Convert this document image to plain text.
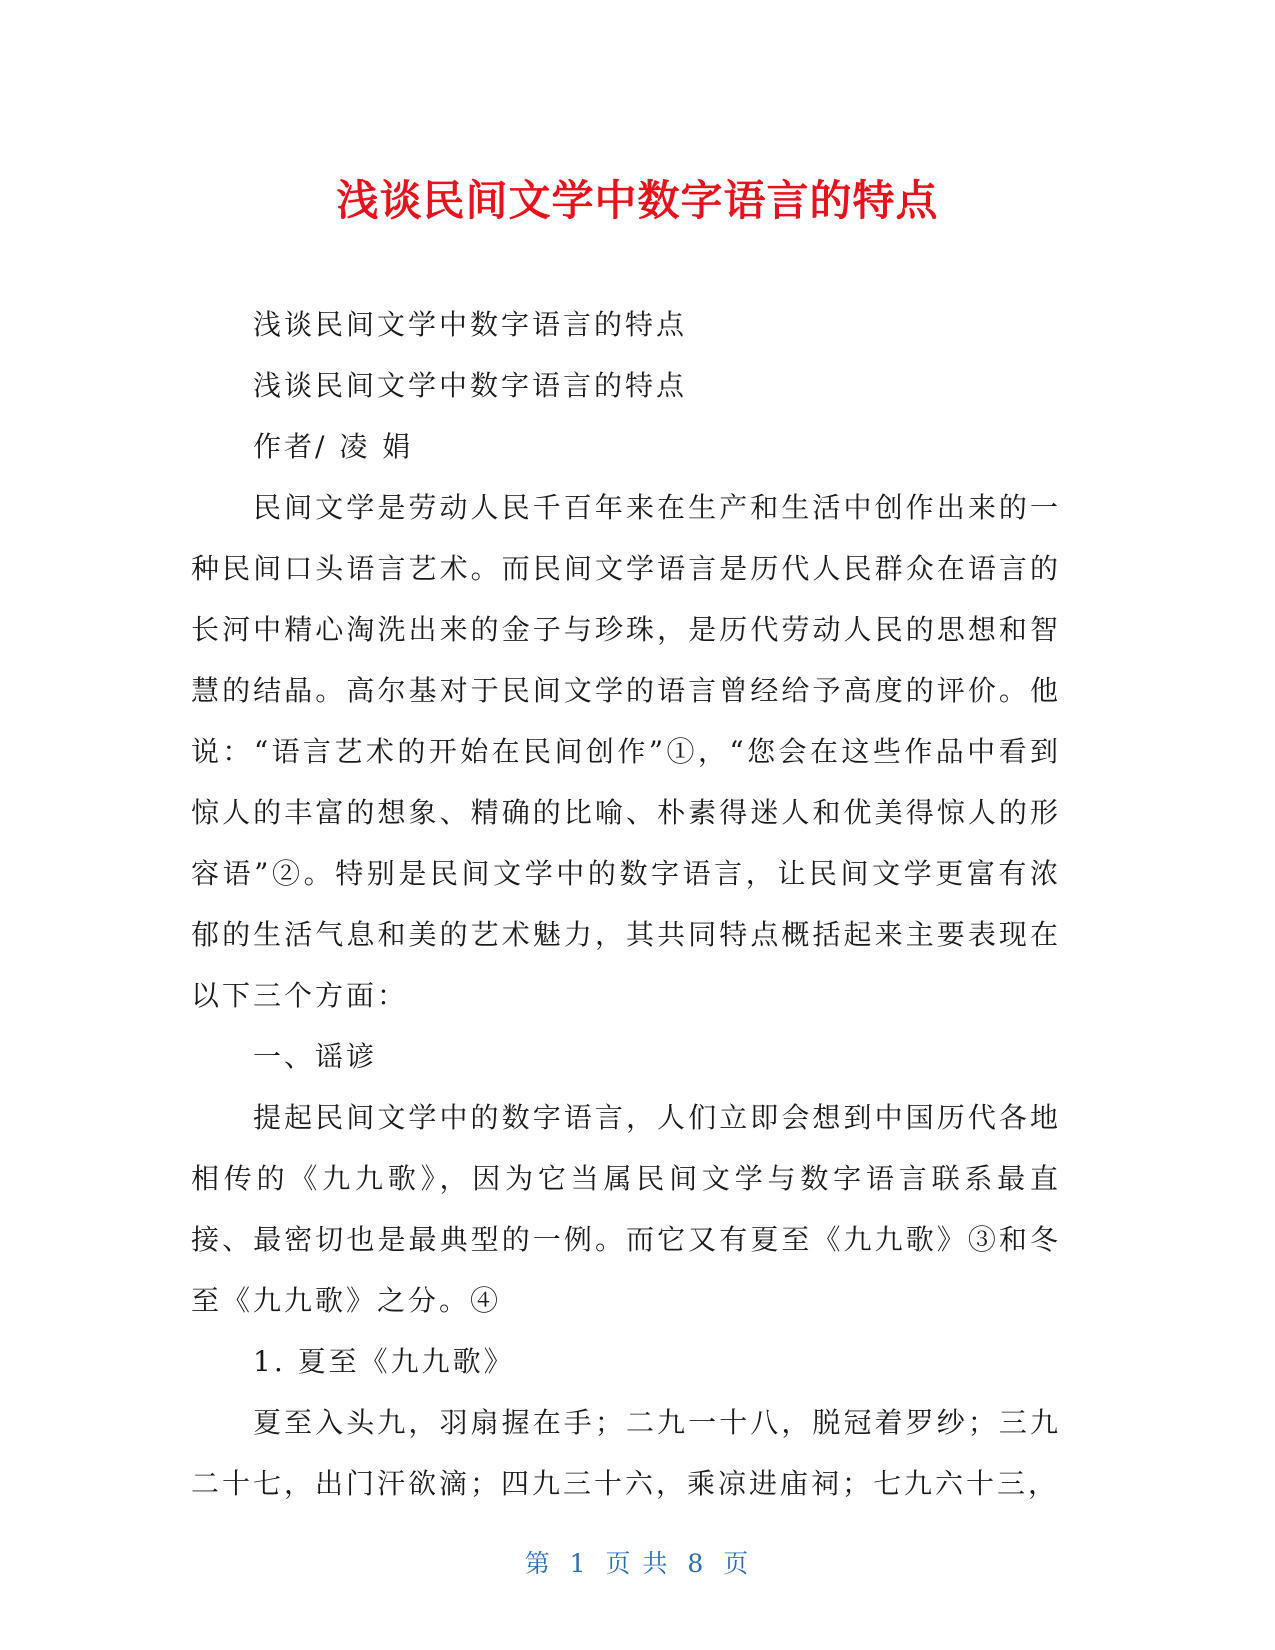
浅谈民间文学中数字语言的特点

浅谈民间文学中数字语言的特点

浅谈民间文学中数字语言的特点

作者/ 凌 娟

民间文学是劳动人民千百年来在生产和生活中创作出来的一种民间口头语言艺术。而民间文学语言是历代人民群众在语言的长河中精心淘洗出来的金子与珍珠，是历代劳动人民的思想和智慧的结晶。高尔基对于民间文学的语言曾经给予高度的评价。他说：“语言艺术的开始在民间创作”①，“您会在这些作品中看到惊人的丰富的想象、精确的比喻、朴素得迷人和优美得惊人的形容语”②。特别是民间文学中的数字语言，让民间文学更富有浓郁的生活气息和美的艺术魅力，其共同特点概括起来主要表现在以下三个方面：

一、谣谚

提起民间文学中的数字语言，人们立即会想到中国历代各地相传的《九九歌》，因为它当属民间文学与数字语言联系最直接、最密切也是最典型的一例。而它又有夏至《九九歌》③和冬至《九九歌》之分。④

1. 夏至《九九歌》

夏至入头九，羽扇握在手；二九一十八，脱冠着罗纱；三九二十七，出门汗欲滴；四九三十六，乘凉进庙祠；七九六十三，

第 1 页 共 8 页
